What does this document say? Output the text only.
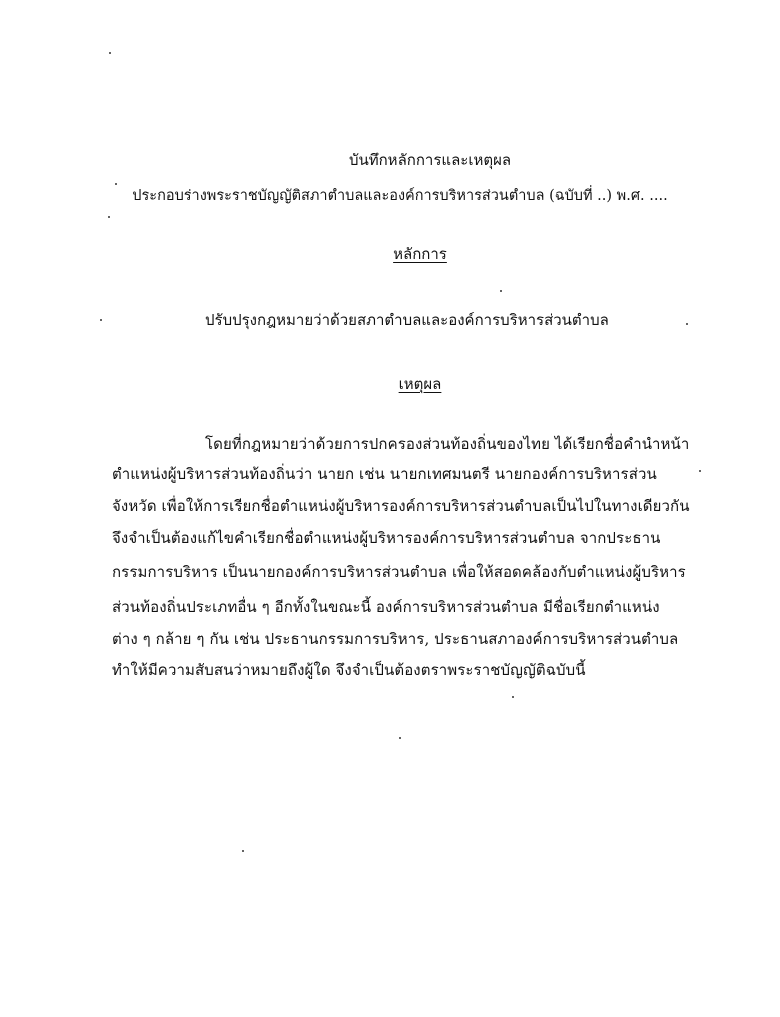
บันทึกหลักการและเหตุผล
ประกอบร่างพระราชบัญญัติสภาตำบลและองค์การบริหารส่วนตำบล (ฉบับที่ ..) พ.ศ. ....
หลักการ
ปรับปรุงกฎหมายว่าด้วยสภาตำบลและองค์การบริหารส่วนตำบล
เหตุผล
โดยที่กฎหมายว่าด้วยการปกครองส่วนท้องถิ่นของไทย ได้เรียกชื่อคำนำหน้า
ตำแหน่งผู้บริหารส่วนท้องถิ่นว่า นายก เช่น นายกเทศมนตรี นายกองค์การบริหารส่วน
จังหวัด เพื่อให้การเรียกชื่อตำแหน่งผู้บริหารองค์การบริหารส่วนตำบลเป็นไปในทางเดียวกัน
จึงจำเป็นต้องแก้ไขคำเรียกชื่อตำแหน่งผู้บริหารองค์การบริหารส่วนตำบล จากประธาน
กรรมการบริหาร เป็นนายกองค์การบริหารส่วนตำบล เพื่อให้สอดคล้องกับตำแหน่งผู้บริหาร
ส่วนท้องถิ่นประเภทอื่น ๆ อีกทั้งในขณะนี้ องค์การบริหารส่วนตำบล มีชื่อเรียกตำแหน่ง
ต่าง ๆ กล้าย ๆ กัน เช่น ประธานกรรมการบริหาร, ประธานสภาองค์การบริหารส่วนตำบล
ทำให้มีความสับสนว่าหมายถึงผู้ใด จึงจำเป็นต้องตราพระราชบัญญัติฉบับนี้
